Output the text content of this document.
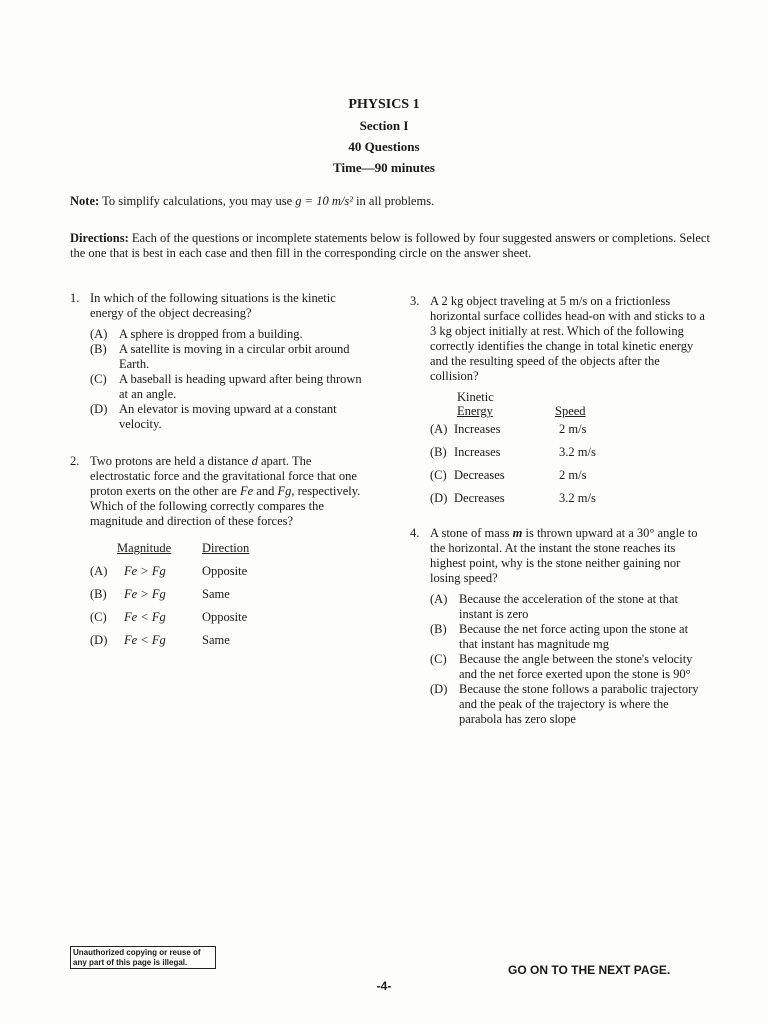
PHYSICS 1
Section I
40 Questions
Time—90 minutes
Note: To simplify calculations, you may use g = 10 m/s² in all problems.
Directions: Each of the questions or incomplete statements below is followed by four suggested answers or completions. Select the one that is best in each case and then fill in the corresponding circle on the answer sheet.
1. In which of the following situations is the kinetic energy of the object decreasing?
(A) A sphere is dropped from a building.
(B) A satellite is moving in a circular orbit around Earth.
(C) A baseball is heading upward after being thrown at an angle.
(D) An elevator is moving upward at a constant velocity.
2. Two protons are held a distance d apart. The electrostatic force and the gravitational force that one proton exerts on the other are Fe and Fg, respectively. Which of the following correctly compares the magnitude and direction of these forces?
	Magnitude	Direction
(A)	Fe > Fg	Opposite
(B)	Fe > Fg	Same
(C)	Fe < Fg	Opposite
(D)	Fe < Fg	Same
3. A 2 kg object traveling at 5 m/s on a frictionless horizontal surface collides head-on with and sticks to a 3 kg object initially at rest. Which of the following correctly identifies the change in total kinetic energy and the resulting speed of the objects after the collision?

	Kinetic
Energy	Speed
(A)	Increases	2 m/s
(B)	Increases	3.2 m/s
(C)	Decreases	2 m/s
(D)	Decreases	3.2 m/s
4. A stone of mass m is thrown upward at a 30° angle to the horizontal. At the instant the stone reaches its highest point, why is the stone neither gaining nor losing speed?
(A) Because the acceleration of the stone at that instant is zero
(B) Because the net force acting upon the stone at that instant has magnitude mg
(C) Because the angle between the stone's velocity and the net force exerted upon the stone is 90°
(D) Because the stone follows a parabolic trajectory and the peak of the trajectory is where the parabola has zero slope
Unauthorized copying or reuse of any part of this page is illegal.
GO ON TO THE NEXT PAGE.
-4-
